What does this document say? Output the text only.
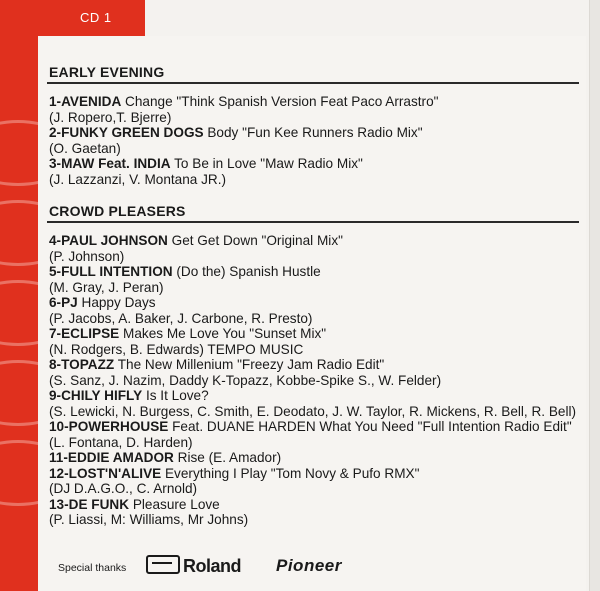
CD 1
EARLY EVENING

1-AVENIDA Change "Think Spanish Version Feat Paco Arrastro"
(J. Ropero,T. Bjerre)

2-FUNKY GREEN DOGS Body "Fun Kee Runners Radio Mix"
(O. Gaetan)

3-MAW Feat. INDIA To Be in Love "Maw Radio Mix"
(J. Lazzanzi, V. Montana JR.)

CROWD PLEASERS

4-PAUL JOHNSON Get Get Down "Original Mix"
(P. Johnson)

5-FULL INTENTION (Do the) Spanish Hustle
(M. Gray, J. Peran)

6-PJ Happy Days
(P. Jacobs, A. Baker, J. Carbone, R. Presto)

7-ECLIPSE Makes Me Love You "Sunset Mix"
(N. Rodgers, B. Edwards) TEMPO MUSIC

8-TOPAZZ The New Millenium "Freezy Jam Radio Edit"
(S. Sanz, J. Nazim, Daddy K-Topazz, Kobbe-Spike S., W. Felder)

9-CHILY HIFLY Is It Love?
(S. Lewicki, N. Burgess, C. Smith, E. Deodato, J. W. Taylor, R. Mickens, R. Bell, R. Bell)

10-POWERHOUSE Feat. DUANE HARDEN What You Need "Full Intention Radio Edit" (L. Fontana, D. Harden)

11-EDDIE AMADOR Rise (E. Amador)

12-LOST'N'ALIVE Everything I Play "Tom Novy & Pufo RMX"
(DJ D.A.G.O., C. Arnold)

13-DE FUNK Pleasure Love
(P. Liassi, M: Williams, Mr Johns)

Special thanks	Roland Pioneer
